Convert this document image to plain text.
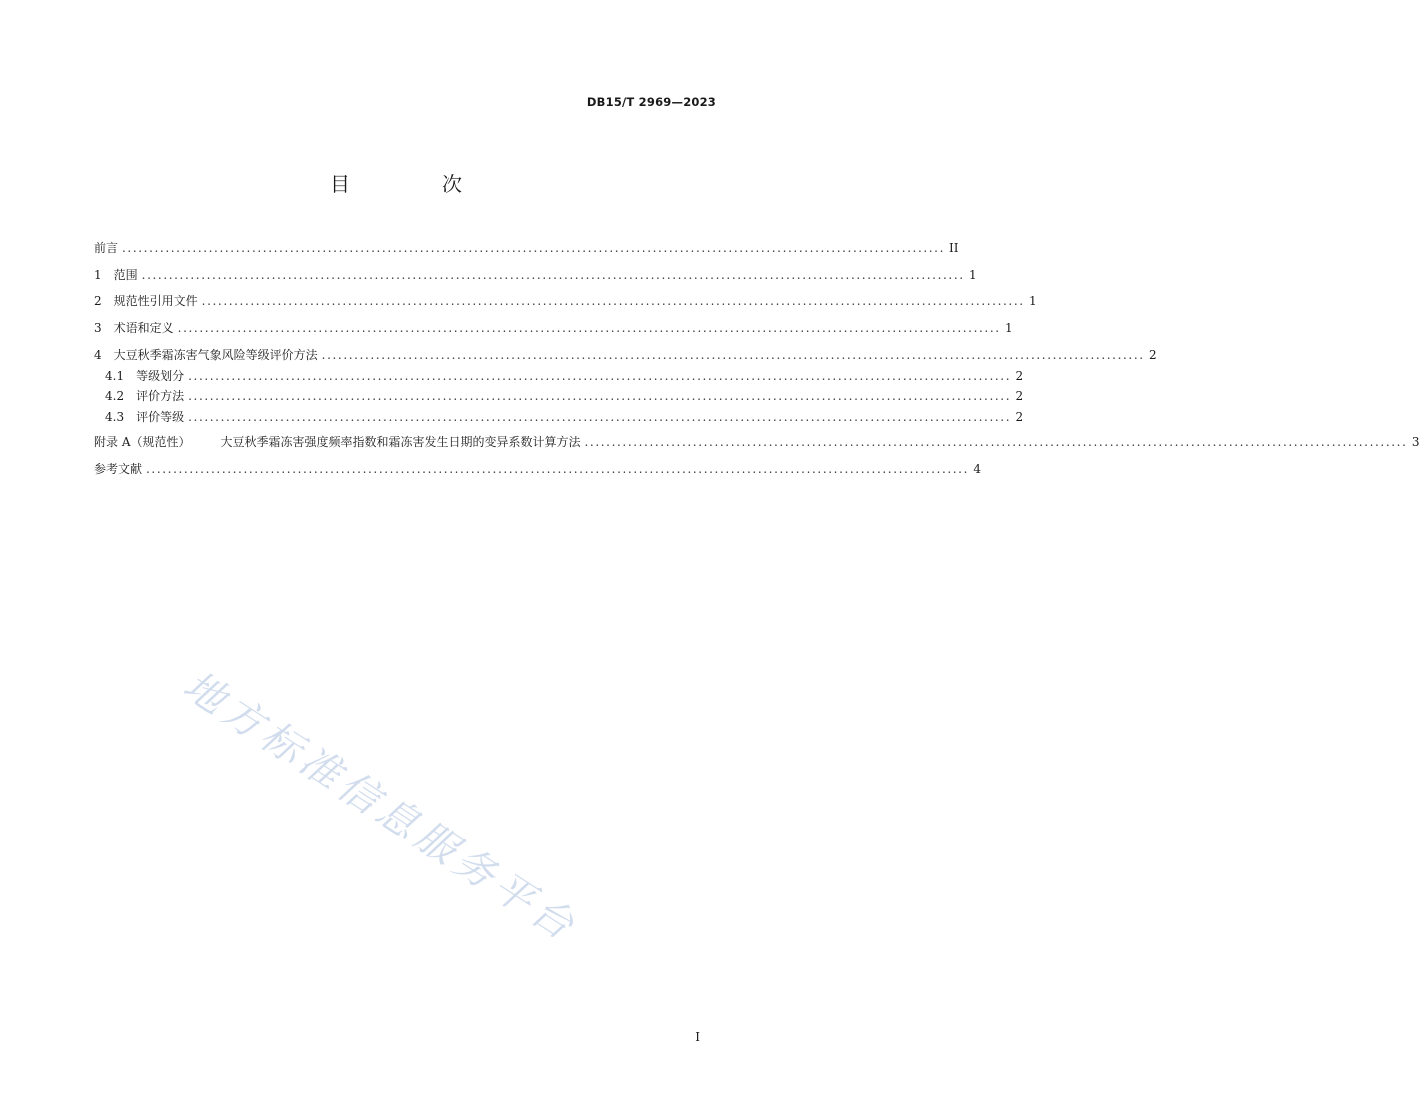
DB15/T 2969—2023
目　次
前言 ........................................................................................................................................................ II
1 范围 ........................................................................................................................................................ 1
2 规范性引用文件 ........................................................................................................................................................ 1
3 术语和定义 ........................................................................................................................................................ 1
4 大豆秋季霜冻害气象风险等级评价方法 ........................................................................................................................................................ 2
4.1 等级划分 ........................................................................................................................................................ 2
4.2 评价方法 ........................................................................................................................................................ 2
4.3 评价等级 ........................................................................................................................................................ 2
附录 A（规范性）	大豆秋季霜冻害强度频率指数和霜冻害发生日期的变异系数计算方法 ........................................................................................................................................................ 3
参考文献 ........................................................................................................................................................ 4
地方标准信息服务平台
I
